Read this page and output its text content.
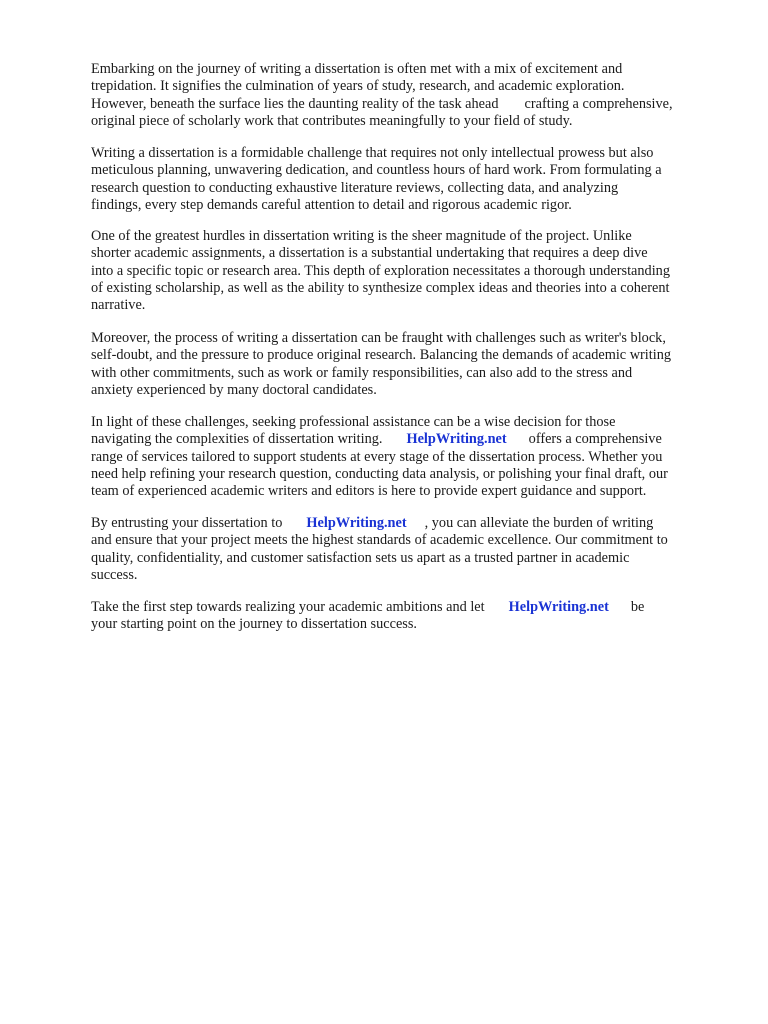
Embarking on the journey of writing a dissertation is often met with a mix of excitement and
trepidation. It signifies the culmination of years of study, research, and academic exploration.
However, beneath the surface lies the daunting reality of the task ahead crafting a comprehensive,
original piece of scholarly work that contributes meaningfully to your field of study.

Writing a dissertation is a formidable challenge that requires not only intellectual prowess but also
meticulous planning, unwavering dedication, and countless hours of hard work. From formulating a
research question to conducting exhaustive literature reviews, collecting data, and analyzing
findings, every step demands careful attention to detail and rigorous academic rigor.

One of the greatest hurdles in dissertation writing is the sheer magnitude of the project. Unlike
shorter academic assignments, a dissertation is a substantial undertaking that requires a deep dive
into a specific topic or research area. This depth of exploration necessitates a thorough understanding
of existing scholarship, as well as the ability to synthesize complex ideas and theories into a coherent
narrative.

Moreover, the process of writing a dissertation can be fraught with challenges such as writer's block,
self-doubt, and the pressure to produce original research. Balancing the demands of academic writing
with other commitments, such as work or family responsibilities, can also add to the stress and
anxiety experienced by many doctoral candidates.

In light of these challenges, seeking professional assistance can be a wise decision for those
navigating the complexities of dissertation writing. HelpWriting.net offers a comprehensive
range of services tailored to support students at every stage of the dissertation process. Whether you
need help refining your research question, conducting data analysis, or polishing your final draft, our
team of experienced academic writers and editors is here to provide expert guidance and support.

By entrusting your dissertation to HelpWriting.net , you can alleviate the burden of writing
and ensure that your project meets the highest standards of academic excellence. Our commitment to
quality, confidentiality, and customer satisfaction sets us apart as a trusted partner in academic
success.

Take the first step towards realizing your academic ambitions and let HelpWriting.net be
your starting point on the journey to dissertation success.
